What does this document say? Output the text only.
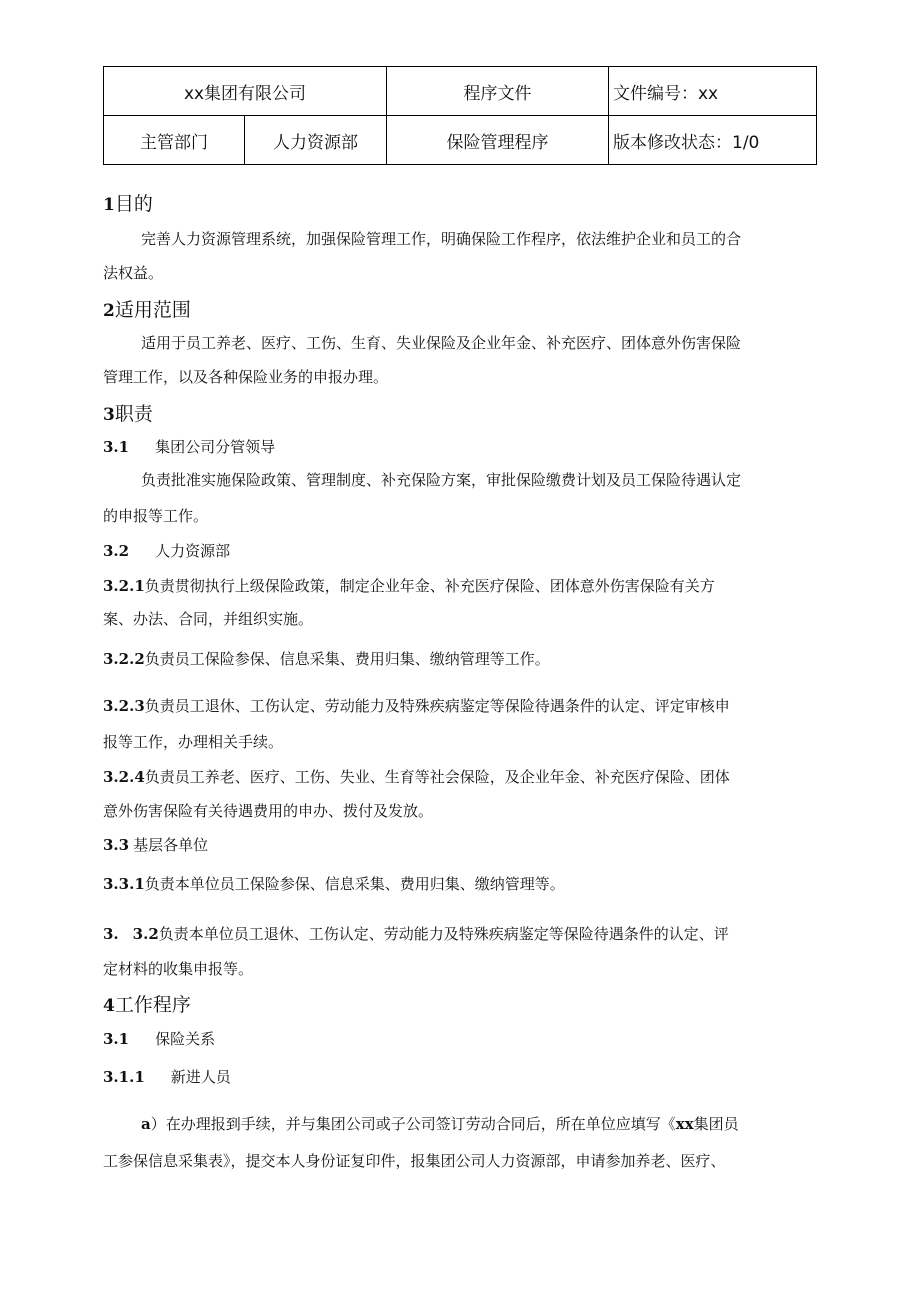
xx集团有限公司		程序文件	文件编号：xx
主管部门	人力资源部	保险管理程序	版本修改状态：1/0
1目的
完善人力资源管理系统，加强保险管理工作，明确保险工作程序，依法维护企业和员工的合
法权益。
2适用范围
适用于员工养老、医疗、工伤、生育、失业保险及企业年金、补充医疗、团体意外伤害保险
管理工作，以及各种保险业务的申报办理。
3职责
3.1 集团公司分管领导
负责批准实施保险政策、管理制度、补充保险方案，审批保险缴费计划及员工保险待遇认定
的申报等工作。
3.2 人力资源部
3.2.1负责贯彻执行上级保险政策，制定企业年金、补充医疗保险、团体意外伤害保险有关方
案、办法、合同，并组织实施。
3.2.2负责员工保险参保、信息采集、费用归集、缴纳管理等工作。
3.2.3负责员工退休、工伤认定、劳动能力及特殊疾病鉴定等保险待遇条件的认定、评定审核申
报等工作，办理相关手续。
3.2.4负责员工养老、医疗、工伤、失业、生育等社会保险，及企业年金、补充医疗保险、团体
意外伤害保险有关待遇费用的申办、拨付及发放。
3.3 基层各单位
3.3.1负责本单位员工保险参保、信息采集、费用归集、缴纳管理等。
3. 3.2负责本单位员工退休、工伤认定、劳动能力及特殊疾病鉴定等保险待遇条件的认定、评
定材料的收集申报等。
4工作程序
3.1 保险关系
3.1.1 新进人员
a）在办理报到手续，并与集团公司或子公司签订劳动合同后，所在单位应填写《xx集团员
工参保信息采集表》，提交本人身份证复印件，报集团公司人力资源部，申请参加养老、医疗、
